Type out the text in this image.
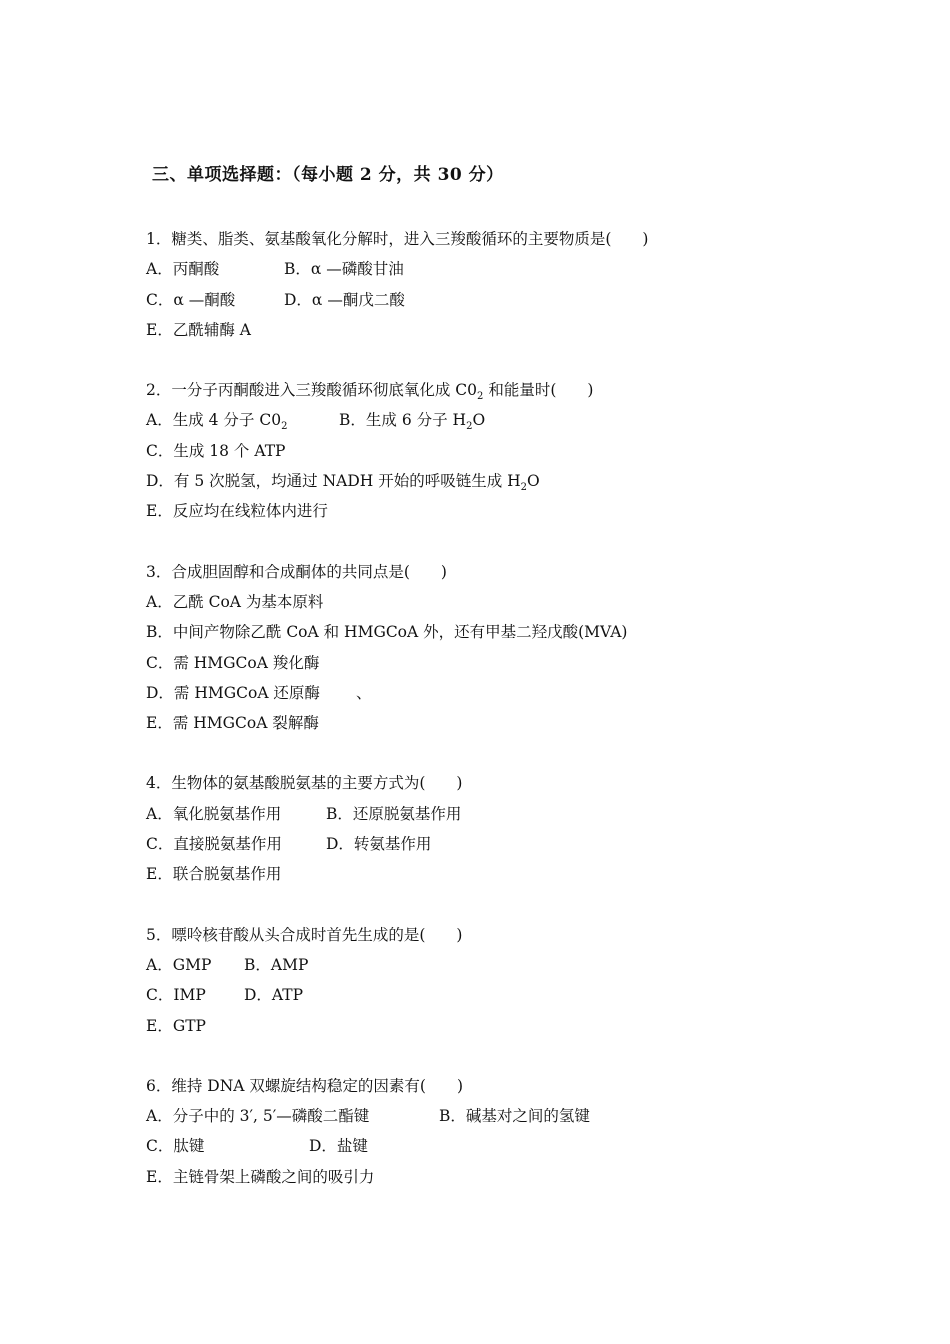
三、单项选择题：（每小题 2 分，共 30 分）
1．糖类、脂类、氨基酸氧化分解时，进入三羧酸循环的主要物质是(　　)
A．丙酮酸	B．α —磷酸甘油
C．α —酮酸	D．α —酮戊二酸
E．乙酰辅酶 A
2．一分子丙酮酸进入三羧酸循环彻底氧化成 $C0_2$ 和能量时(　　)
A．生成 4 分子 $C0_2$	B．生成 6 分子 $H_2O$
C．生成 18 个 ATP
D．有 5 次脱氢，均通过 NADH 开始的呼吸链生成 $H_2O$
E．反应均在线粒体内进行
3．合成胆固醇和合成酮体的共同点是(　　)
A．乙酰 CoA 为基本原料
B．中间产物除乙酰 CoA 和 HMGCoA 外，还有甲基二羟戊酸(MVA)
C．需 HMGCoA 羧化酶
D．需 HMGCoA 还原酶 、
E．需 HMGCoA 裂解酶
4．生物体的氨基酸脱氨基的主要方式为(　　)
A．氧化脱氨基作用	B．还原脱氨基作用
C．直接脱氨基作用	D．转氨基作用
E．联合脱氨基作用
5．嘌呤核苷酸从头合成时首先生成的是(　　)
A．GMP B．AMP
C．IMP D．ATP
E．GTP
6．维持 DNA 双螺旋结构稳定的因素有(　　)
A．分子中的 3′, 5′—磷酸二酯键	B．碱基对之间的氢键
C．肽键	D．盐键
E．主链骨架上磷酸之间的吸引力
